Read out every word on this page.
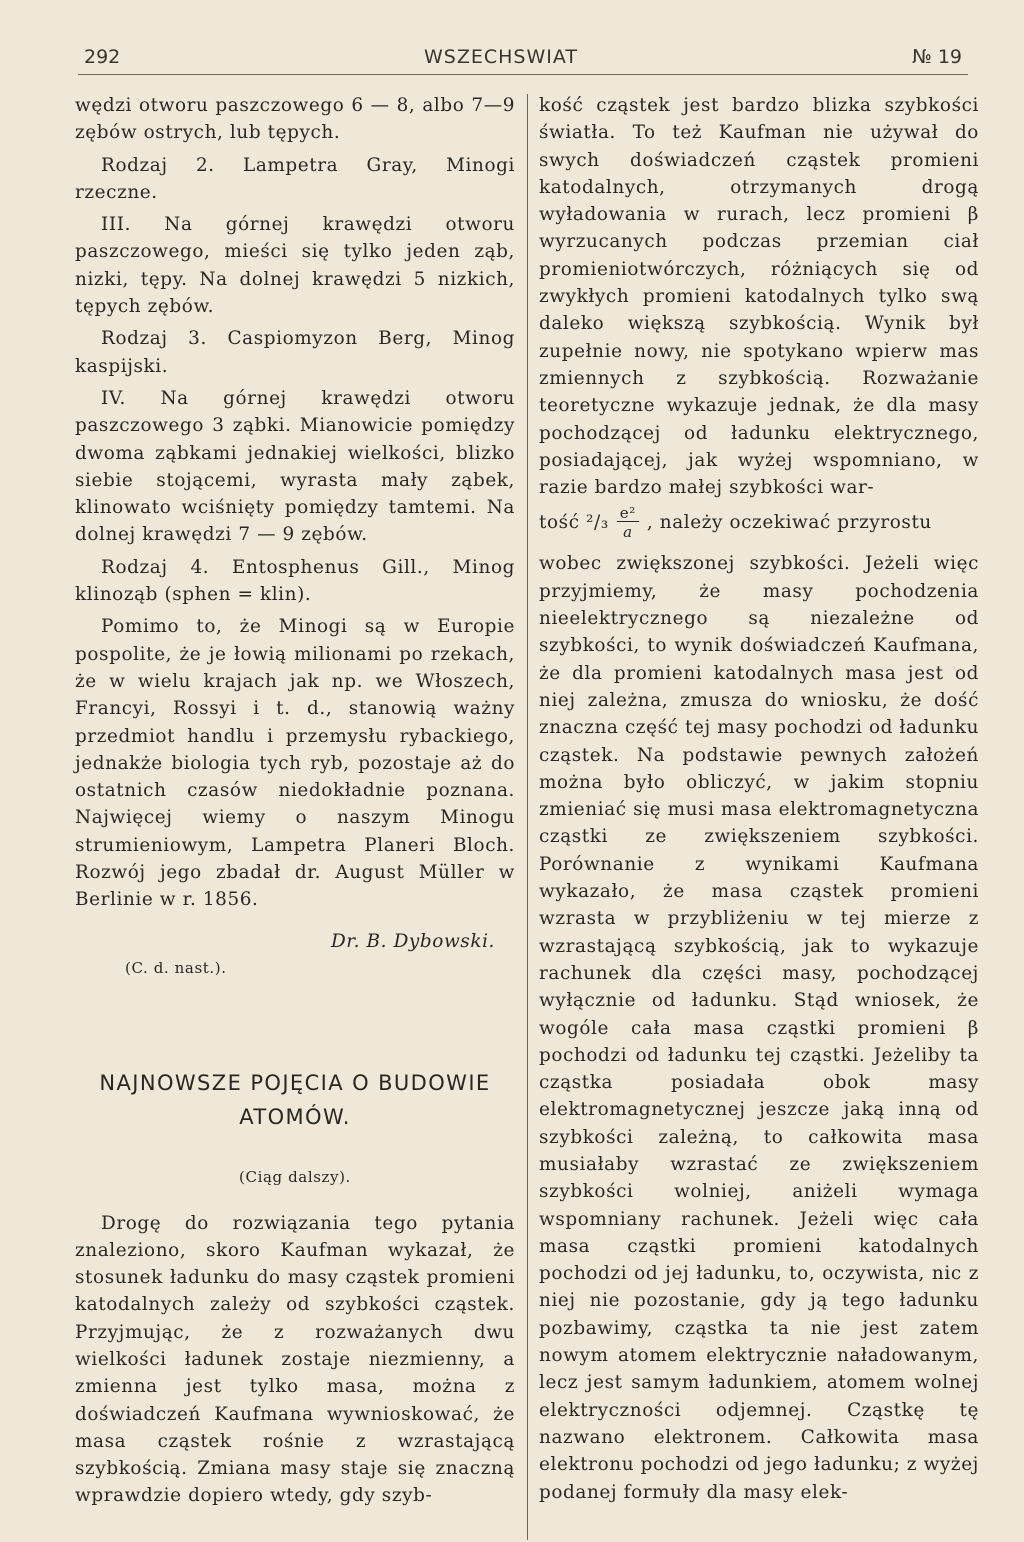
292	WSZECHSWIAT	№ 19

wędzi otworu paszczowego 6 — 8, albo 7—9 zębów ostrych, lub tępych.

Rodzaj 2. Lampetra Gray, Minogi rzeczne.

III. Na górnej krawędzi otworu paszczowego, mieści się tylko jeden ząb, nizki, tępy. Na dolnej krawędzi 5 nizkich, tępych zębów.

Rodzaj 3. Caspiomyzon Berg, Minog kaspijski.

IV. Na górnej krawędzi otworu paszczowego 3 ząbki. Mianowicie pomiędzy dwoma ząbkami jednakiej wielkości, blizko siebie stojącemi, wyrasta mały ząbek, klinowato wciśnięty pomiędzy tamtemi. Na dolnej krawędzi 7 — 9 zębów.

Rodzaj 4. Entosphenus Gill., Minog klinoząb (sphen = klin).

Pomimo to, że Minogi są w Europie pospolite, że je łowią milionami po rzekach, że w wielu krajach jak np. we Włoszech, Francyi, Rossyi i t. d., stanowią ważny przedmiot handlu i przemysłu rybackiego, jednakże biologia tych ryb, pozostaje aż do ostatnich czasów niedokładnie poznana. Najwięcej wiemy o naszym Minogu strumieniowym, Lampetra Planeri Bloch. Rozwój jego zbadał dr. August Müller w Berlinie w r. 1856.

Dr. B. Dybowski.
(C. d. nast.).
NAJNOWSZE POJĘCIA O BUDOWIE ATOMÓW.
(Ciąg dalszy).

Drogę do rozwiązania tego pytania znaleziono, skoro Kaufman wykazał, że stosunek ładunku do masy cząstek promieni katodalnych zależy od szybkości cząstek. Przyjmując, że z rozważanych dwu wielkości ładunek zostaje niezmienny, a zmienna jest tylko masa, można z doświadczeń Kaufmana wywnioskować, że masa cząstek rośnie z wzrastającą szybkością. Zmiana masy staje się znaczną wprawdzie dopiero wtedy, gdy szyb-

kość cząstek jest bardzo blizka szybkości światła. To też Kaufman nie używał do swych doświadczeń cząstek promieni katodalnych, otrzymanych drogą wyładowania w rurach, lecz promieni β wyrzucanych podczas przemian ciał promieniotwórczych, różniących się od zwykłych promieni katodalnych tylko swą daleko większą szybkością. Wynik był zupełnie nowy, nie spotykano wpierw mas zmiennych z szybkością. Rozważanie teoretyczne wykazuje jednak, że dla masy pochodzącej od ładunku elektrycznego, posiadającej, jak wyżej wspomniano, w razie bardzo małej szybkości war-

tość $^2/_3 \frac{\text{e²}}{a}$ , należy oczekiwać przyrostu

wobec zwiększonej szybkości. Jeżeli więc przyjmiemy, że masy pochodzenia nieelektrycznego są niezależne od szybkości, to wynik doświadczeń Kaufmana, że dla promieni katodalnych masa jest od niej zależna, zmusza do wniosku, że dość znaczna część tej masy pochodzi od ładunku cząstek. Na podstawie pewnych założeń można było obliczyć, w jakim stopniu zmieniać się musi masa elektromagnetyczna cząstki ze zwiększeniem szybkości. Porównanie z wynikami Kaufmana wykazało, że masa cząstek promieni wzrasta w przybliżeniu w tej mierze z wzrastającą szybkością, jak to wykazuje rachunek dla części masy, pochodzącej wyłącznie od ładunku. Stąd wniosek, że wogóle cała masa cząstki promieni β pochodzi od ładunku tej cząstki. Jeżeliby ta cząstka posiadała obok masy elektromagnetycznej jeszcze jaką inną od szybkości zależną, to całkowita masa musiałaby wzrastać ze zwiększeniem szybkości wolniej, aniżeli wymaga wspomniany rachunek. Jeżeli więc cała masa cząstki promieni katodalnych pochodzi od jej ładunku, to, oczywista, nic z niej nie pozostanie, gdy ją tego ładunku pozbawimy, cząstka ta nie jest zatem nowym atomem elektrycznie naładowanym, lecz jest samym ładunkiem, atomem wolnej elektryczności odjemnej. Cząstkę tę nazwano elektronem. Całkowita masa elektronu pochodzi od jego ładunku; z wyżej podanej formuły dla masy elek-
